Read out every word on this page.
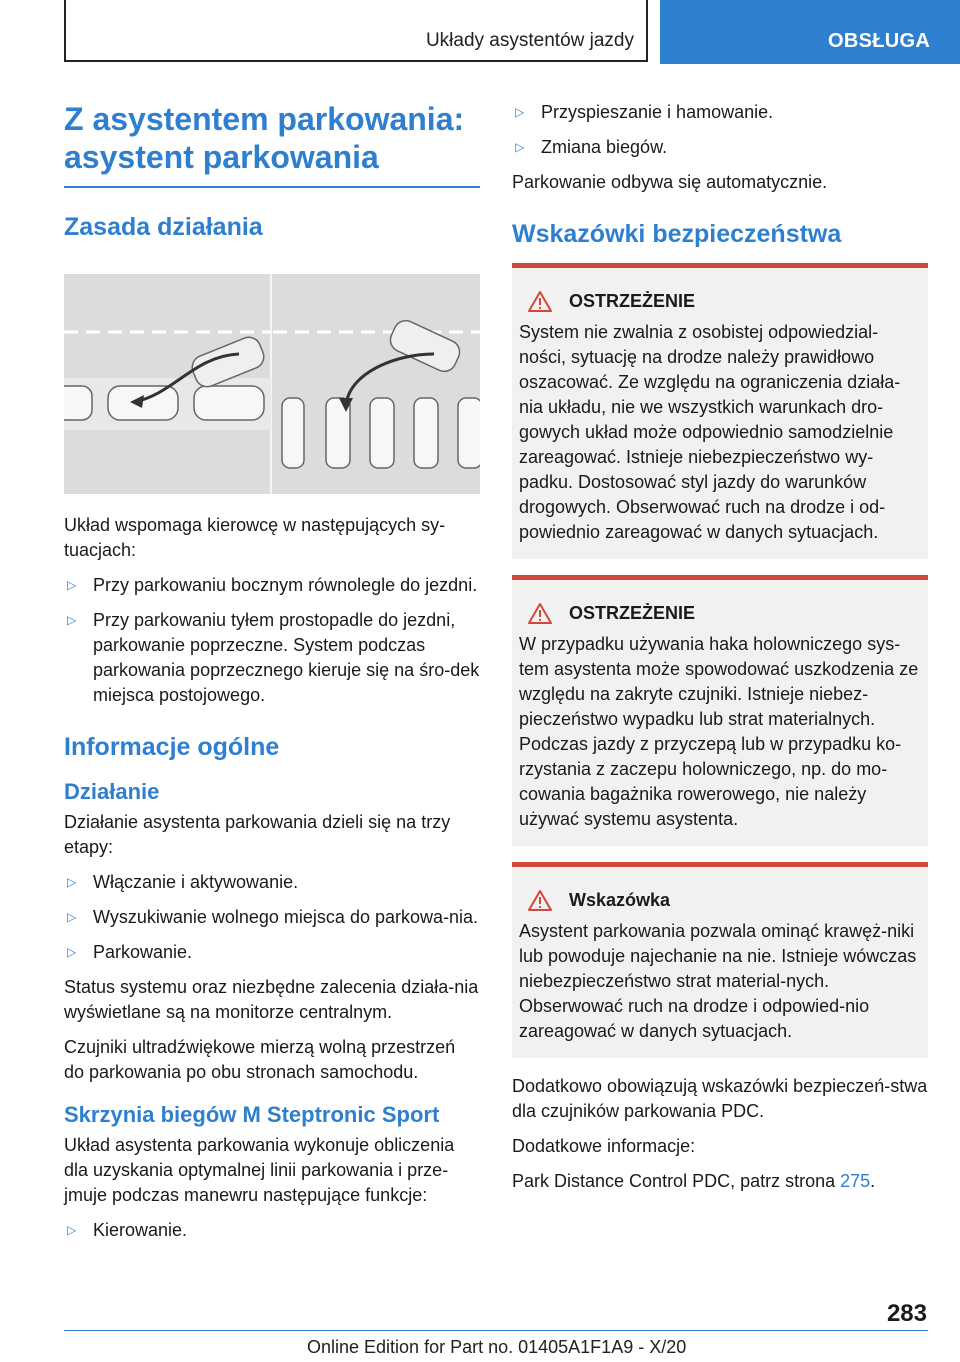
Układy asystentów jazdy	OBSŁUGA
Z asystentem parkowania: asystent parkowania
Zasada działania

Układ wspomaga kierowcę w następujących sy‐tuacjach:

▷ Przy parkowaniu bocznym równolegle do jezdni.
▷ Przy parkowaniu tyłem prostopadle do jezdni, parkowanie poprzeczne. System podczas parkowania poprzecznego kieruje się na śro‐dek miejsca postojowego.
Informacje ogólne
Działanie

Działanie asystenta parkowania dzieli się na trzy etapy:

▷ Włączanie i aktywowanie.
▷ Wyszukiwanie wolnego miejsca do parkowa‐nia.
▷ Parkowanie.

Status systemu oraz niezbędne zalecenia działa‐nia wyświetlane są na monitorze centralnym.

Czujniki ultradźwiękowe mierzą wolną przestrzeń do parkowania po obu stronach samochodu.

Skrzynia biegów M Steptronic Sport

Układ asystenta parkowania wykonuje obliczenia dla uzyskania optymalnej linii parkowania i prze‐jmuje podczas manewru następujące funkcje:

▷ Kierowanie.
▷ Przyspieszanie i hamowanie.
▷ Zmiana biegów.

Parkowanie odbywa się automatycznie.

Wskazówki bezpieczeństwa
OSTRZEŻENIE

System nie zwalnia z osobistej odpowiedzial‐ności, sytuację na drodze należy prawidłowo oszacować. Ze względu na ograniczenia działa‐nia układu, nie we wszystkich warunkach dro‐gowych układ może odpowiednio samodzielnie zareagować. Istnieje niebezpieczeństwo wy‐padku. Dostosować styl jazdy do warunków drogowych. Obserwować ruch na drodze i od‐powiednio zareagować w danych sytuacjach.

OSTRZEŻENIE

W przypadku używania haka holowniczego sys‐tem asystenta może spowodować uszkodzenia ze względu na zakryte czujniki. Istnieje niebez‐pieczeństwo wypadku lub strat materialnych. Podczas jazdy z przyczepą lub w przypadku ko‐rzystania z zaczepu holowniczego, np. do mo‐cowania bagażnika rowerowego, nie należy używać systemu asystenta.

Wskazówka

Asystent parkowania pozwala ominąć krawęż‐niki lub powoduje najechanie na nie. Istnieje wówczas niebezpieczeństwo strat material‐nych. Obserwować ruch na drodze i odpowied‐nio zareagować w danych sytuacjach.

Dodatkowo obowiązują wskazówki bezpieczeń‐stwa dla czujników parkowania PDC.

Dodatkowe informacje:

Park Distance Control PDC, patrz strona 275.

283
Online Edition for Part no. 01405A1F1A9 - X/20
